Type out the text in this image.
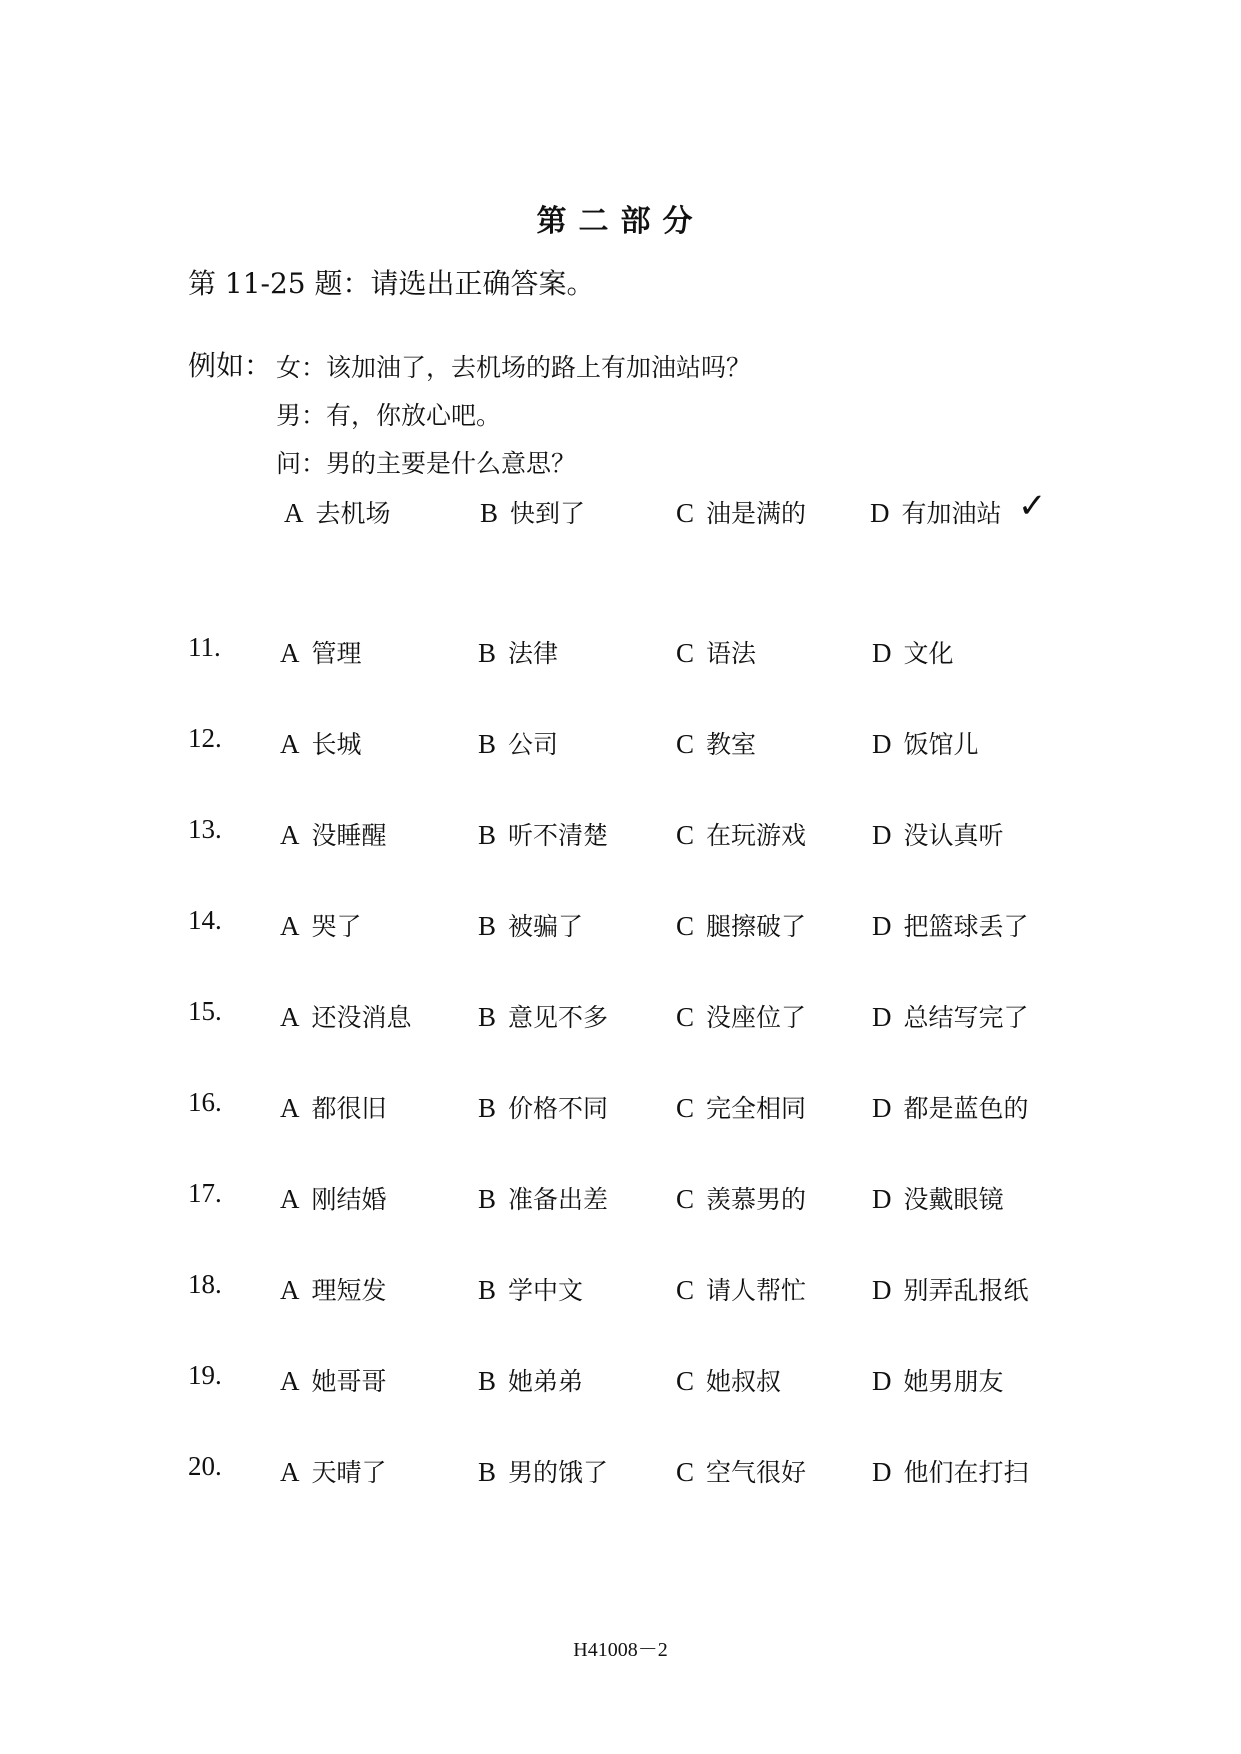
第二部分
第 11-25 题：请选出正确答案。
例如： 女：该加油了，去机场的路上有加油站吗？
男：有，你放心吧。
问：男的主要是什么意思？
A 去机场	B 快到了	C 油是满的 D 有加油站 ✓
11. A 管理	B 法律	C 语法	D 文化
12. A 长城	B 公司	C 教室	D 饭馆儿
13. A 没睡醒	B 听不清楚	C 在玩游戏 D 没认真听
14. A 哭了	B 被骗了	C 腿擦破了 D 把篮球丢了
15. A 还没消息 B 意见不多	C 没座位了 D 总结写完了
16. A 都很旧	B 价格不同	C 完全相同 D 都是蓝色的
17. A 刚结婚	B 准备出差	C 羡慕男的 D 没戴眼镜
18. A 理短发	B 学中文	C 请人帮忙 D 别弄乱报纸
19. A 她哥哥	B 她弟弟	C 她叔叔	D 她男朋友
20. A 天晴了	B 男的饿了	C 空气很好 D 他们在打扫
H41008－2
